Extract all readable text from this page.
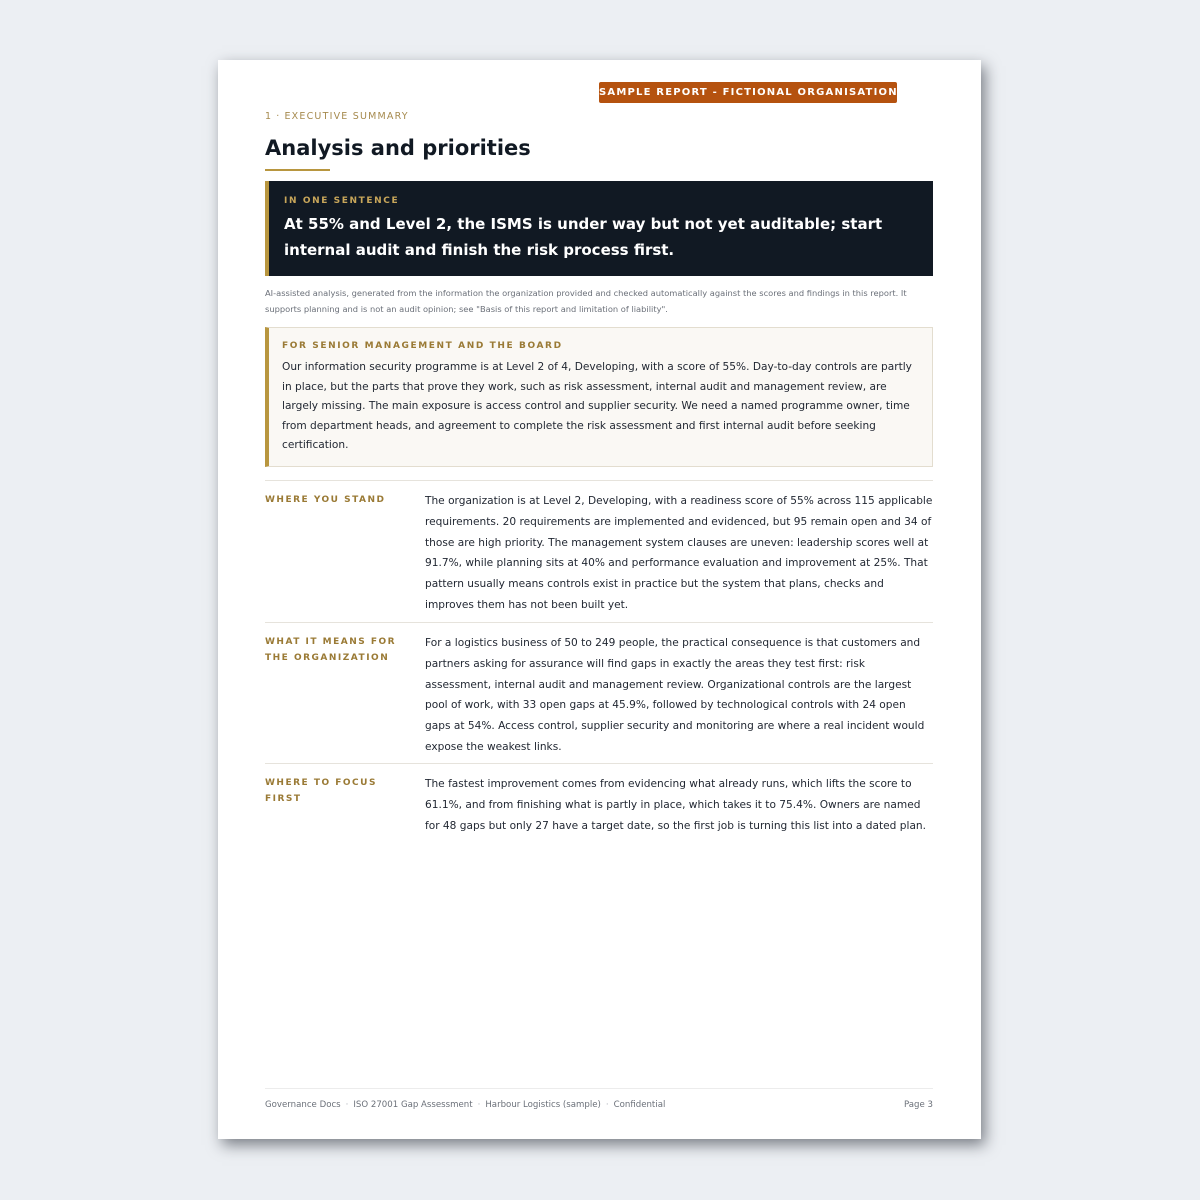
SAMPLE REPORT - FICTIONAL ORGANISATION
1 · EXECUTIVE SUMMARY
Analysis and priorities
IN ONE SENTENCE
At 55% and Level 2, the ISMS is under way but not yet auditable; start internal audit and finish the risk process first.
AI-assisted analysis, generated from the information the organization provided and checked automatically against the scores and findings in this report. It supports planning and is not an audit opinion; see "Basis of this report and limitation of liability".
FOR SENIOR MANAGEMENT AND THE BOARD
Our information security programme is at Level 2 of 4, Developing, with a score of 55%. Day-to-day controls are partly in place, but the parts that prove they work, such as risk assessment, internal audit and management review, are largely missing. The main exposure is access control and supplier security. We need a named programme owner, time from department heads, and agreement to complete the risk assessment and first internal audit before seeking certification.
WHERE YOU STAND	The organization is at Level 2, Developing, with a readiness score of 55% across 115 applicable requirements. 20 requirements are implemented and evidenced, but 95 remain open and 34 of those are high priority. The management system clauses are uneven: leadership scores well at 91.7%, while planning sits at 40% and performance evaluation and improvement at 25%. That pattern usually means controls exist in practice but the system that plans, checks and improves them has not been built yet.
WHAT IT MEANS FOR THE ORGANIZATION
For a logistics business of 50 to 249 people, the practical consequence is that customers and partners asking for assurance will find gaps in exactly the areas they test first: risk assessment, internal audit and management review. Organizational controls are the largest pool of work, with 33 open gaps at 45.9%, followed by technological controls with 24 open gaps at 54%. Access control, supplier security and monitoring are where a real incident would expose the weakest links.
WHERE TO FOCUS FIRST
The fastest improvement comes from evidencing what already runs, which lifts the score to 61.1%, and from finishing what is partly in place, which takes it to 75.4%. Owners are named for 48 gaps but only 27 have a target date, so the first job is turning this list into a dated plan.
Governance Docs · ISO 27001 Gap Assessment · Harbour Logistics (sample) · Confidential	Page 3
